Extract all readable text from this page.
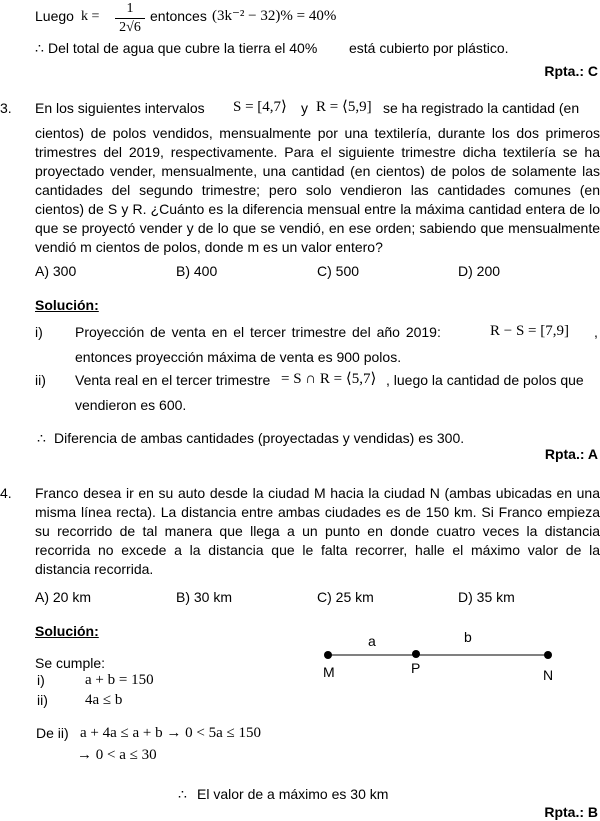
Luego k =
1
2√6
entonces (3k⁻² − 32)% = 40%
∴ Del total de agua que cubre la tierra el 40% está cubierto por plástico.
Rpta.: C
3. En los siguientes intervalos S = [4,7⟩ y R = ⟨5,9] se ha registrado la cantidad (en

cientos) de polos vendidos, mensualmente por una textilería, durante los dos primeros trimestres del 2019, respectivamente. Para el siguiente trimestre dicha textilería se ha proyectado vender, mensualmente, una cantidad (en cientos) de polos de solamente las cantidades del segundo trimestre; pero solo vendieron las cantidades comunes (en cientos) de S y R. ¿Cuánto es la diferencia mensual entre la máxima cantidad entera de lo que se proyectó vender y de lo que se vendió, en ese orden; sabiendo que mensualmente vendió m cientos de polos, donde m es un valor entero?

A) 300	B) 400	C) 500	D) 200
Solución:
i) Proyección de venta en el tercer trimestre del año 2019:	R − S = [7,9] ,
entonces proyección máxima de venta es 900 polos.
ii) Venta real en el tercer trimestre = S ∩ R = ⟨5,7⟩ , luego la cantidad de polos que
vendieron es 600.
∴ Diferencia de ambas cantidades (proyectadas y vendidas) es 300.
Rpta.: A
4. Franco desea ir en su auto desde la ciudad M hacia la ciudad N (ambas ubicadas en una misma línea recta). La distancia entre ambas ciudades es de 150 km. Si Franco empieza su recorrido de tal manera que llega a un punto en donde cuatro veces la distancia recorrida no excede a la distancia que le falta recorrer, halle el máximo valor de la distancia recorrida.

A) 20 km	B) 30 km	C) 25 km	D) 35 km
Solución:
Se cumple:
i)	a + b = 150
ii) 4a ≤ b
De ii) a + 4a ≤ a + b → 0 < 5a ≤ 150
→ 0 < a ≤ 30
∴ El valor de a máximo es 30 km
Rpta.: B
a	b
M	P	N
